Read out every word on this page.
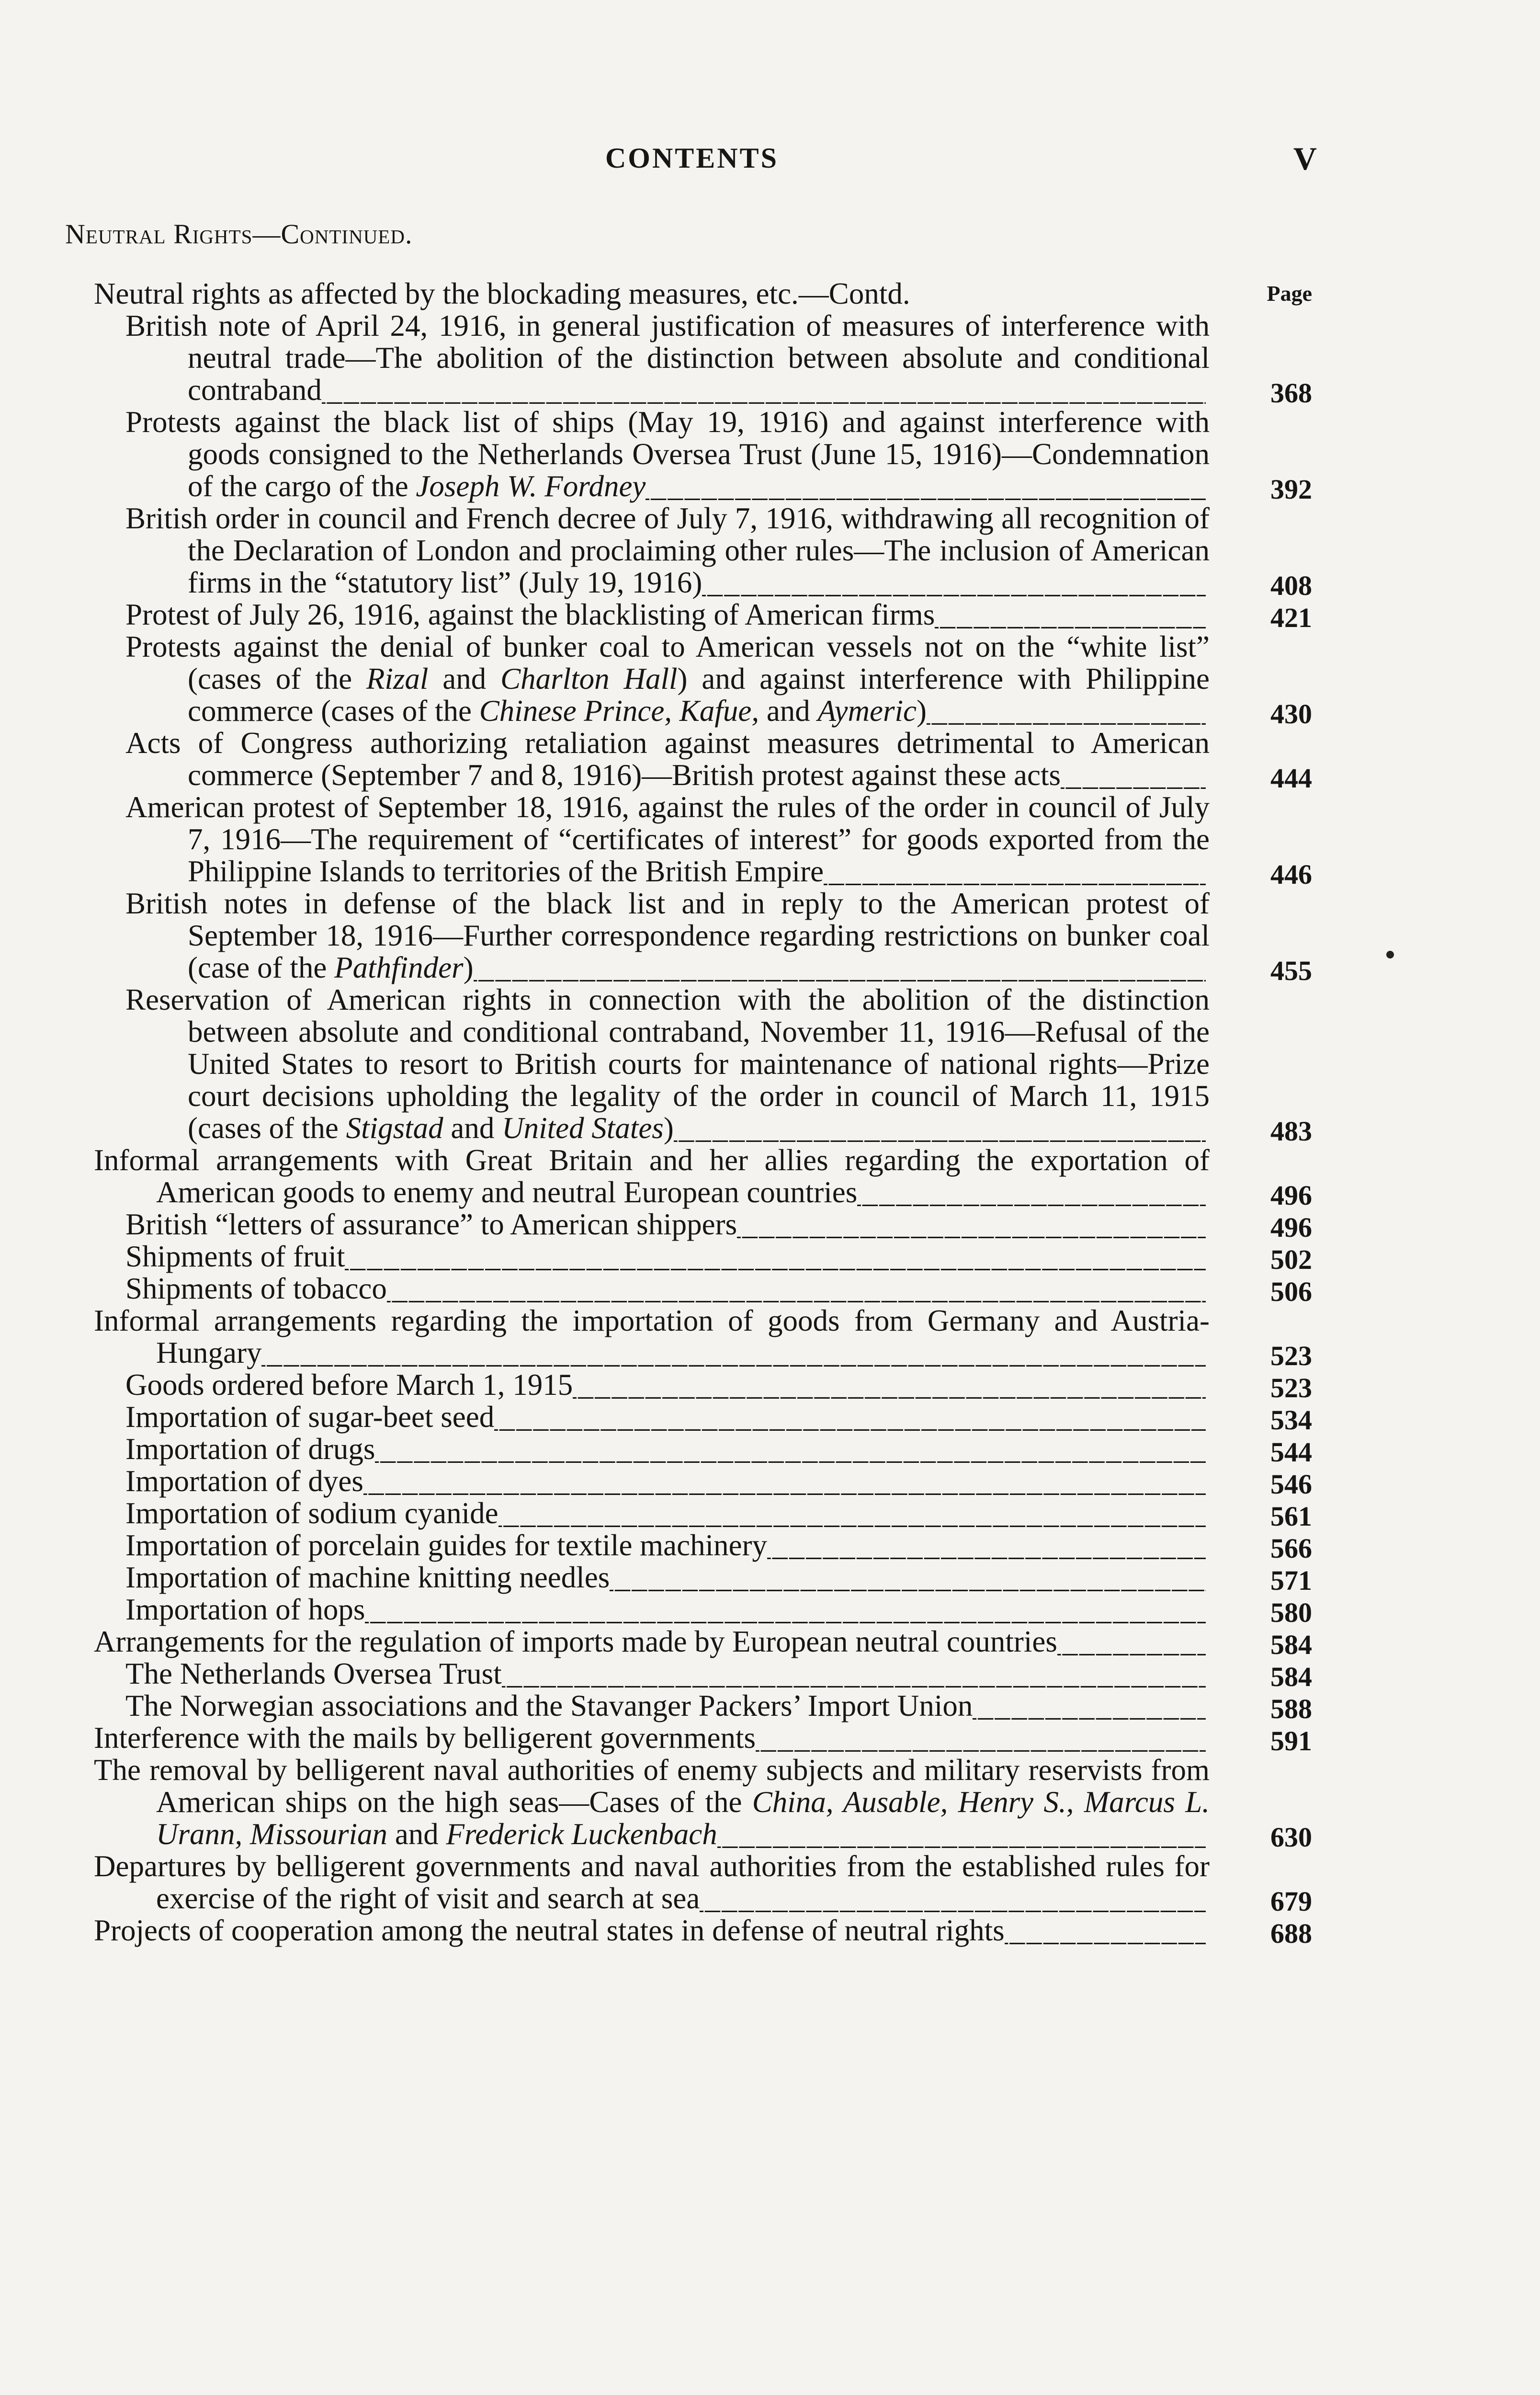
CONTENTS	V
Neutral Rights—Continued.
Page
Neutral rights as affected by the blockading measures, etc.—Contd.
368
British note of April 24, 1916, in general justification of measures of interference with neutral trade—The abolition of the distinction between absolute and conditional contraband_ _ _
392
Protests against the black list of ships (May 19, 1916) and against interference with goods consigned to the Netherlands Oversea Trust (June 15, 1916)—Condemnation of the cargo of the Joseph W. Fordney_ _ _
408
British order in council and French decree of July 7, 1916, withdrawing all recognition of the Declaration of London and proclaiming other rules—The inclusion of American firms in the “statutory list” (July 19, 1916)_ _ _
421
Protest of July 26, 1916, against the blacklisting of American firms_ _ _
430
Protests against the denial of bunker coal to American vessels not on the “white list” (cases of the Rizal and Charlton Hall) and against interference with Philippine commerce (cases of the Chinese Prince, Kafue, and Aymeric)_ _ _
444
Acts of Congress authorizing retaliation against measures detrimental to American commerce (September 7 and 8, 1916)—British protest against these acts_ _ _
446
American protest of September 18, 1916, against the rules of the order in council of July 7, 1916—The requirement of “certificates of interest” for goods exported from the Philippine Islands to territories of the British Empire_ _ _
455
British notes in defense of the black list and in reply to the American protest of September 18, 1916—Further correspondence regarding restrictions on bunker coal (case of the Pathfinder)_ _ _
483
Reservation of American rights in connection with the abolition of the distinction between absolute and conditional contraband, November 11, 1916—Refusal of the United States to resort to British courts for maintenance of national rights—Prize court decisions upholding the legality of the order in council of March 11, 1915 (cases of the Stigstad and United States)_ _ _
496
Informal arrangements with Great Britain and her allies regarding the exportation of American goods to enemy and neutral European countries_ _ _
496
British “letters of assurance” to American shippers_ _ _
502
Shipments of fruit_ _ _
506
Shipments of tobacco_ _ _
523
Informal arrangements regarding the importation of goods from Germany and Austria-Hungary_ _ _
523
Goods ordered before March 1, 1915_ _ _
534
Importation of sugar-beet seed_ _ _
544
Importation of drugs_ _ _
546
Importation of dyes_ _ _
561
Importation of sodium cyanide_ _ _
566
Importation of porcelain guides for textile machinery_ _ _
571
Importation of machine knitting needles_ _ _
580
Importation of hops_ _ _
584
Arrangements for the regulation of imports made by European neutral countries_ _ _
584
The Netherlands Oversea Trust_ _ _
588
The Norwegian associations and the Stavanger Packers’ Import Union_ _ _
591
Interference with the mails by belligerent governments_ _ _
630
The removal by belligerent naval authorities of enemy subjects and military reservists from American ships on the high seas—Cases of the China, Ausable, Henry S., Marcus L. Urann, Missourian and Frederick Luckenbach_ _ _
679
Departures by belligerent governments and naval authorities from the established rules for exercise of the right of visit and search at sea_ _ _
688
Projects of cooperation among the neutral states in defense of neutral rights_ _ _
